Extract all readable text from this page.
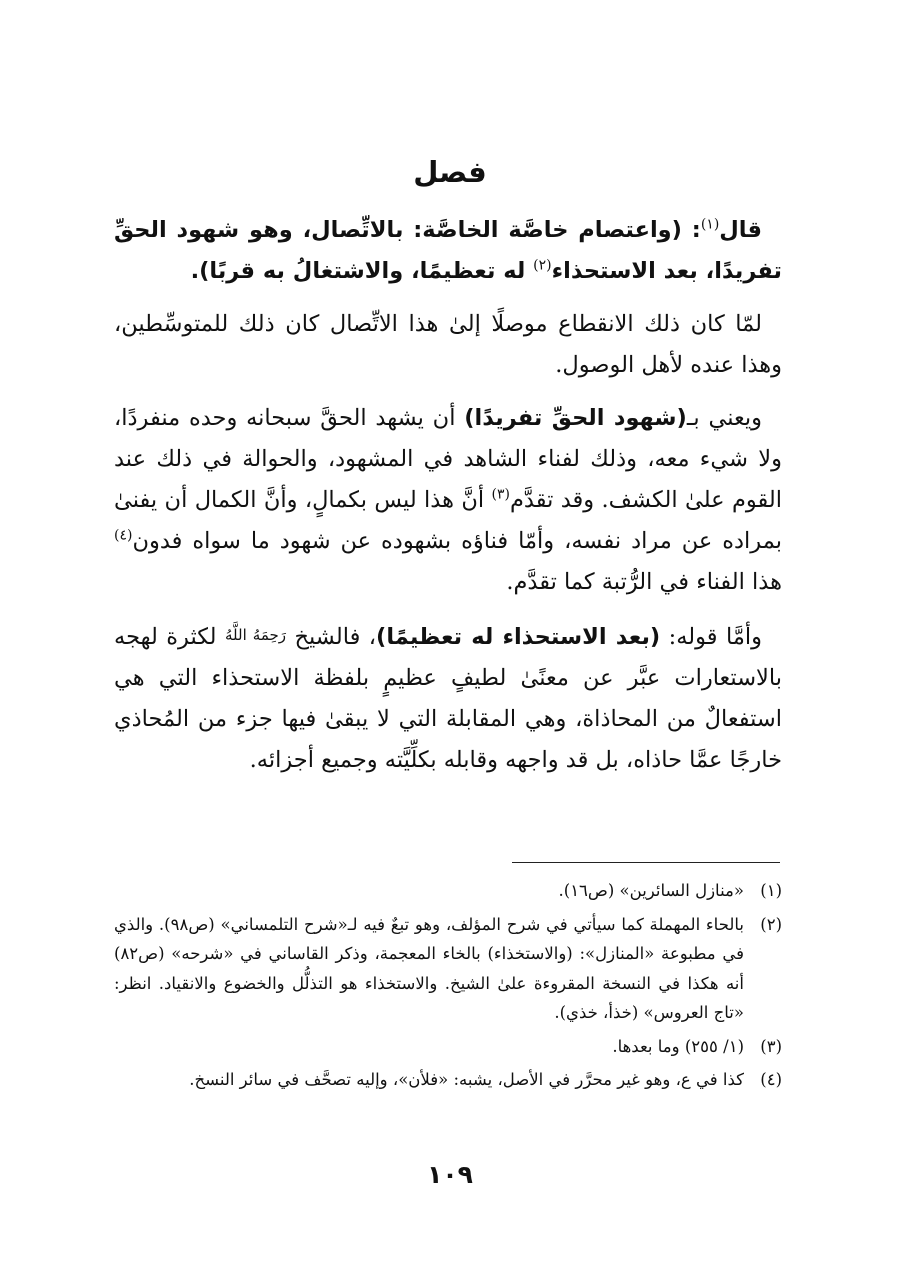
فصل

قال$^{(١)}$: (واعتصام خاصَّة الخاصَّة: بالاتِّصال، وهو شهود الحقِّ تفريدًا، بعد الاستحذاء$^{(٢)}$ له تعظيمًا، والاشتغالُ به قربًا).

لمّا كان ذلك الانقطاع موصلًا إلىٰ هذا الاتِّصال كان ذلك للمتوسِّطين، وهذا عنده لأهل الوصول.

ويعني بـ(شهود الحقِّ تفريدًا) أن يشهد الحقَّ سبحانه وحده منفردًا، ولا شيء معه، وذلك لفناء الشاهد في المشهود، والحوالة في ذلك عند القوم علىٰ الكشف. وقد تقدَّم$^{(٣)}$ أنَّ هذا ليس بكمالٍ، وأنَّ الكمال أن يفنىٰ بمراده عن مراد نفسه، وأمّا فناؤه بشهوده عن شهود ما سواه فدون$^{(٤)}$ هذا الفناء في الرُّتبة كما تقدَّم.

وأمَّا قوله: (بعد الاستحذاء له تعظيمًا)، فالشيخ رَحِمَهُ اللَّهُ لكثرة لهجه بالاستعارات عبَّر عن معنًىٰ لطيفٍ عظيمٍ بلفظة الاستحذاء التي هي استفعالٌ من المحاذاة، وهي المقابلة التي لا يبقىٰ فيها جزء من المُحاذي خارجًا عمَّا حاذاه، بل قد واجهه وقابله بكلِّيَّته وجميع أجزائه.

(١)
«منازل السائرين» (ص١٦).
(٢)
بالحاء المهملة كما سيأتي في شرح المؤلف، وهو تبعٌ فيه لـ«شرح التلمساني» (ص٩٨). والذي في مطبوعة «المنازل»: (والاستخذاء) بالخاء المعجمة، وذكر القاساني في «شرحه» (ص٨٢) أنه هكذا في النسخة المقروءة علىٰ الشيخ. والاستخذاء هو التذلُّل والخضوع والانقياد. انظر: «تاج العروس» (خذأ، خذي).
(٣)
(١/ ٢٥٥) وما بعدها.
(٤)
كذا في ع، وهو غير محرَّر في الأصل، يشبه: «فلأن»، وإليه تصحَّف في سائر النسخ.
١٠٩
